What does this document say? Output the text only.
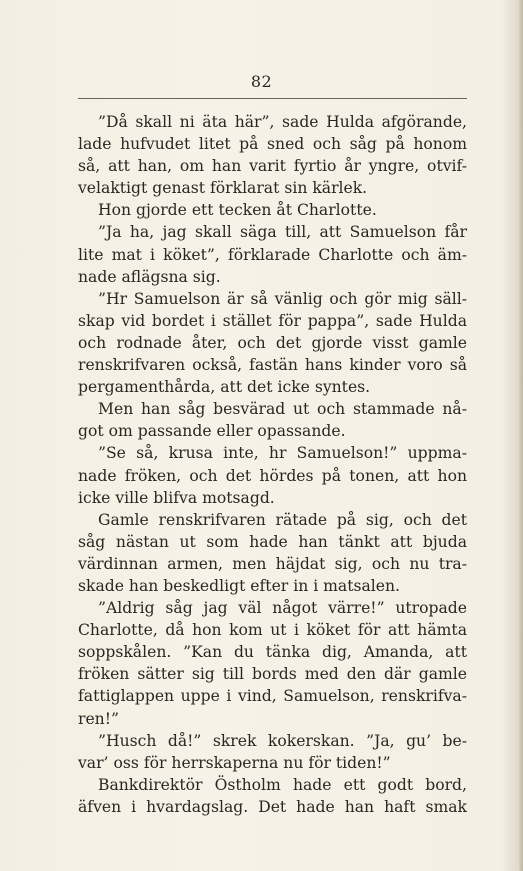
82
”Då skall ni äta här”, sade Hulda afgörande,
lade hufvudet litet på sned och såg på honom
så, att han, om han varit fyrtio år yngre, otvif-
velaktigt genast förklarat sin kärlek.
Hon gjorde ett tecken åt Charlotte.
”Ja ha, jag skall säga till, att Samuelson får
lite mat i köket”, förklarade Charlotte och äm-
nade aflägsna sig.
”Hr Samuelson är så vänlig och gör mig säll-
skap vid bordet i stället för pappa”, sade Hulda
och rodnade åter, och det gjorde visst gamle
renskrifvaren också, fastän hans kinder voro så
pergamenthårda, att det icke syntes.
Men han såg besvärad ut och stammade nå-
got om passande eller opassande.
”Se så, krusa inte, hr Samuelson!” uppma-
nade fröken, och det hördes på tonen, att hon
icke ville blifva motsagd.
Gamle renskrifvaren rätade på sig, och det
såg nästan ut som hade han tänkt att bjuda
värdinnan armen, men häjdat sig, och nu tra-
skade han beskedligt efter in i matsalen.
”Aldrig såg jag väl något värre!” utropade
Charlotte, då hon kom ut i köket för att hämta
soppskålen. ”Kan du tänka dig, Amanda, att
fröken sätter sig till bords med den där gamle
fattiglappen uppe i vind, Samuelson, renskrifva-
ren!”
”Husch då!” skrek kokerskan. ”Ja, gu’ be-
var’ oss för herrskaperna nu för tiden!”
Bankdirektör Östholm hade ett godt bord,
äfven i hvardagslag. Det hade han haft smak
